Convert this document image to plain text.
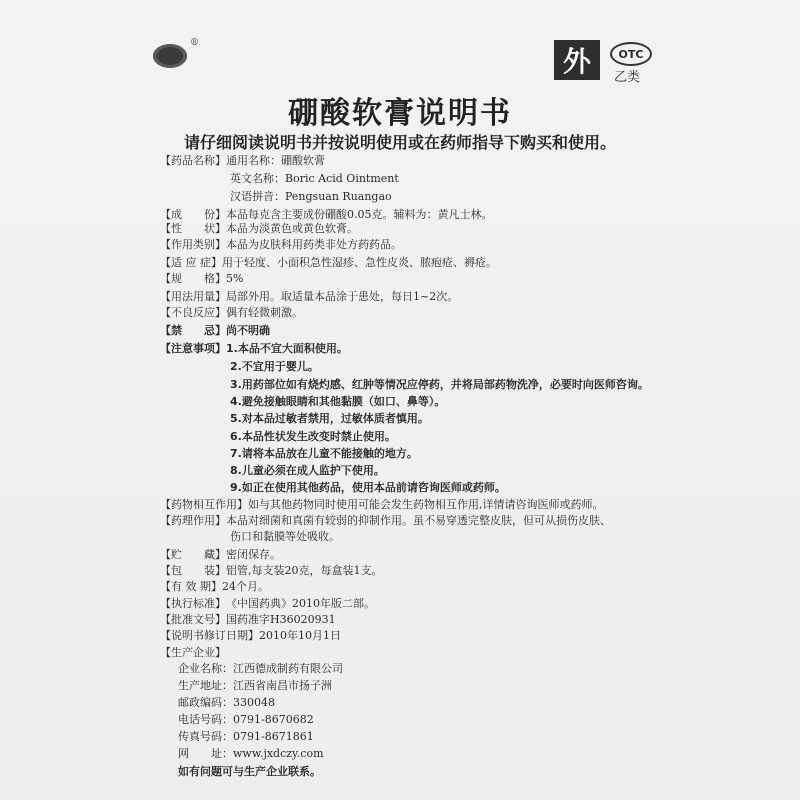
®
外	OTC
乙类
硼酸软膏说明书
请仔细阅读说明书并按说明使用或在药师指导下购买和使用。
【药品名称】通用名称：硼酸软膏
英文名称：Boric Acid Ointment
汉语拼音：Pengsuan Ruangao
【成　　份】本品每克含主要成份硼酸0.05克。辅料为：黄凡士林。
【性　　状】本品为淡黄色或黄色软膏。
【作用类别】本品为皮肤科用药类非处方药药品。
【适 应 症】用于轻度、小面积急性湿疹、急性皮炎、脓疱疮、褥疮。
【规　　格】5%
【用法用量】局部外用。取适量本品涂于患处，每日1~2次。
【不良反应】偶有轻微刺激。
【禁　　忌】尚不明确
【注意事项】1.本品不宜大面积使用。
2.不宜用于婴儿。
3.用药部位如有烧灼感、红肿等情况应停药，并将局部药物洗净，必要时向医师咨询。
4.避免接触眼睛和其他黏膜（如口、鼻等）。
5.对本品过敏者禁用，过敏体质者慎用。
6.本品性状发生改变时禁止使用。
7.请将本品放在儿童不能接触的地方。
8.儿童必须在成人监护下使用。
9.如正在使用其他药品，使用本品前请咨询医师或药师。
【药物相互作用】如与其他药物同时使用可能会发生药物相互作用,详情请咨询医师或药师。
【药理作用】本品对细菌和真菌有较弱的抑制作用。虽不易穿透完整皮肤，但可从损伤皮肤、
伤口和黏膜等处吸收。
【贮　　藏】密闭保存。
【包　　装】铝管,每支装20克，每盒装1支。
【有 效 期】24个月。
【执行标准】《中国药典》2010年版二部。
【批准文号】国药准字H36020931
【说明书修订日期】2010年10月1日
【生产企业】
企业名称：江西德成制药有限公司
生产地址：江西省南昌市扬子洲
邮政编码：330048
电话号码：0791-8670682
传真号码：0791-8671861
网　　址：www.jxdczy.com
如有问题可与生产企业联系。
